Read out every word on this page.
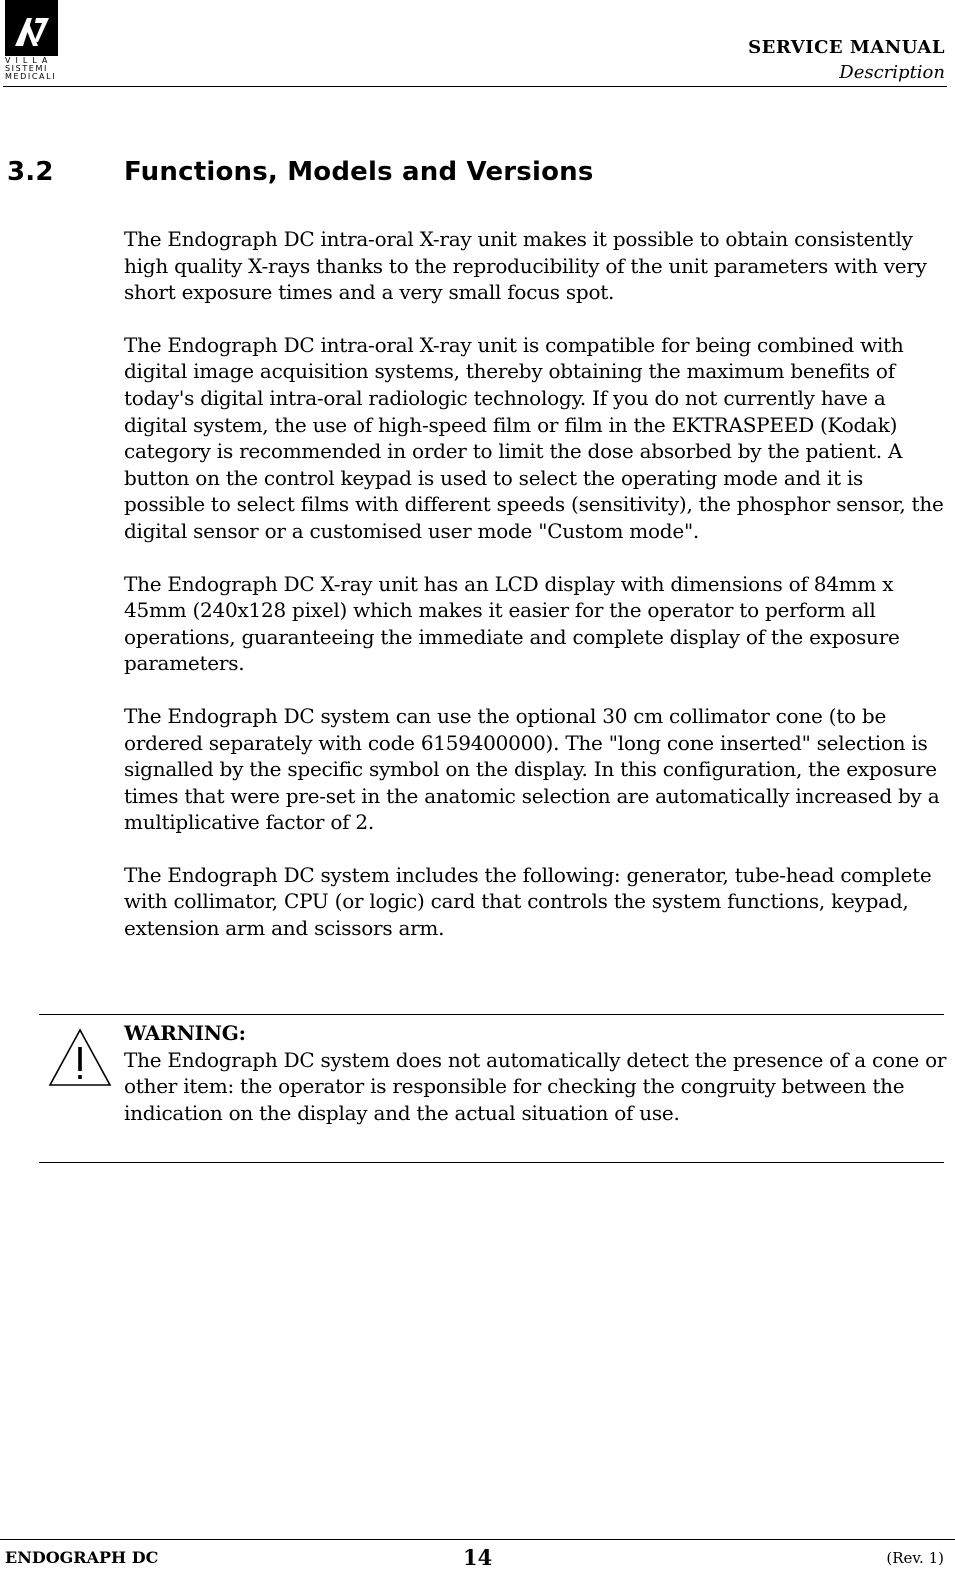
VILLA
SISTEMI
MEDICALI
SERVICE MANUAL
Description
3.2	Functions, Models and Versions

The Endograph DC intra-oral X-ray unit makes it possible to obtain consistently high quality X-rays thanks to the reproducibility of the unit parameters with very short exposure times and a very small focus spot.

The Endograph DC intra-oral X-ray unit is compatible for being combined with digital image acquisition systems, thereby obtaining the maximum benefits of today's digital intra-oral radiologic technology. If you do not currently have a digital system, the use of high-speed film or film in the EKTRASPEED (Kodak) category is recommended in order to limit the dose absorbed by the patient. A button on the control keypad is used to select the operating mode and it is possible to select films with different speeds (sensitivity), the phosphor sensor, the digital sensor or a customised user mode "Custom mode".

The Endograph DC X-ray unit has an LCD display with dimensions of 84mm x 45mm (240x128 pixel) which makes it easier for the operator to perform all operations, guaranteeing the immediate and complete display of the exposure parameters.

The Endograph DC system can use the optional 30 cm collimator cone (to be ordered separately with code 6159400000). The "long cone inserted" selection is signalled by the specific symbol on the display. In this configuration, the exposure times that were pre-set in the anatomic selection are automatically increased by a multiplicative factor of 2.

The Endograph DC system includes the following: generator, tube-head complete with collimator, CPU (or logic) card that controls the system functions, keypad, extension arm and scissors arm.

WARNING:
The Endograph DC system does not automatically detect the presence of a cone or other item: the operator is responsible for checking the congruity between the indication on the display and the actual situation of use.
ENDOGRAPH DC	14	(Rev. 1)
